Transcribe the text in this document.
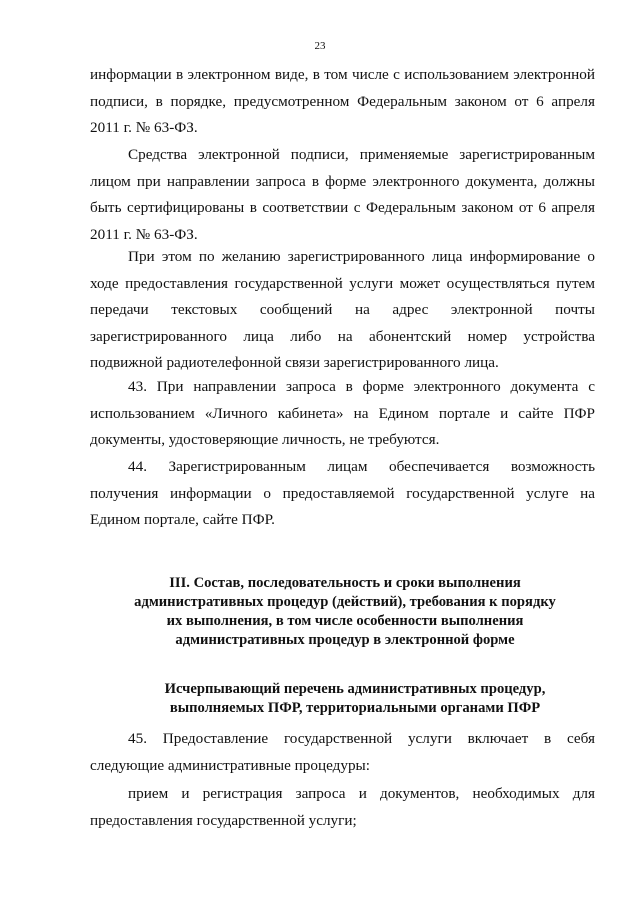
23
информации в электронном виде, в том числе с использованием электронной подписи, в порядке, предусмотренном Федеральным законом от 6 апреля 2011 г. № 63-ФЗ.
Средства электронной подписи, применяемые зарегистрированным лицом при направлении запроса в форме электронного документа, должны быть сертифицированы в соответствии с Федеральным законом от 6 апреля 2011 г. № 63-ФЗ.
При этом по желанию зарегистрированного лица информирование о ходе предоставления государственной услуги может осуществляться путем передачи текстовых сообщений на адрес электронной почты зарегистрированного лица либо на абонентский номер устройства подвижной радиотелефонной связи зарегистрированного лица.
43. При направлении запроса в форме электронного документа с использованием «Личного кабинета» на Едином портале и сайте ПФР документы, удостоверяющие личность, не требуются.
44. Зарегистрированным лицам обеспечивается возможность получения информации о предоставляемой государственной услуге на Едином портале, сайте ПФР.
III. Состав, последовательность и сроки выполнения административных процедур (действий), требования к порядку их выполнения, в том числе особенности выполнения административных процедур в электронной форме
Исчерпывающий перечень административных процедур, выполняемых ПФР, территориальными органами ПФР
45. Предоставление государственной услуги включает в себя следующие административные процедуры:
прием и регистрация запроса и документов, необходимых для предоставления государственной услуги;
